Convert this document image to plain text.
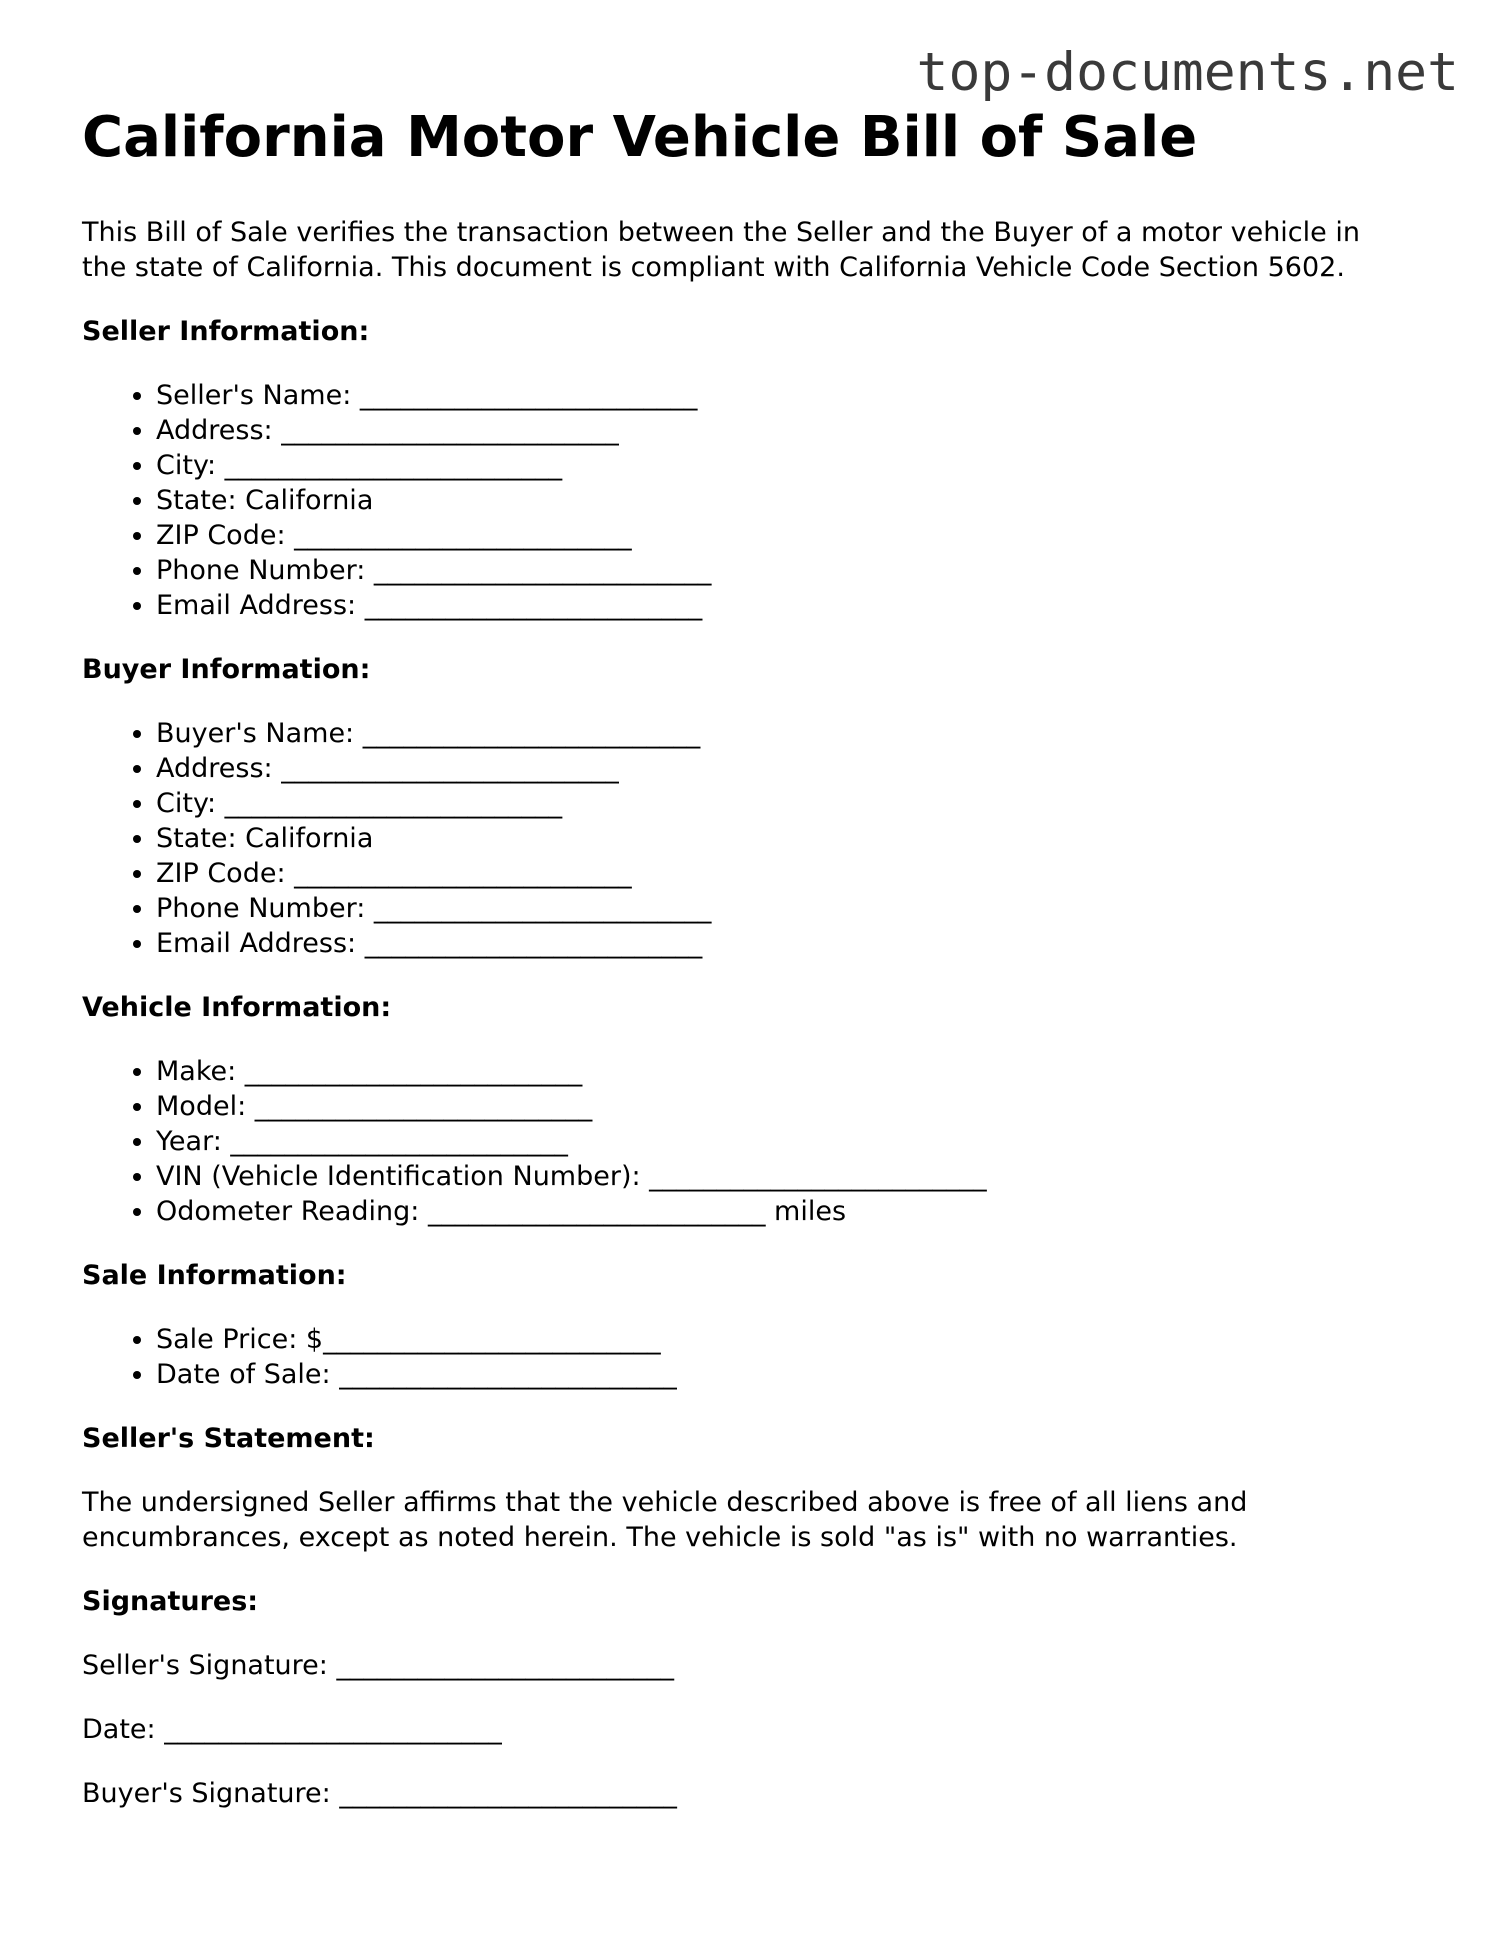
top-documents.net
California Motor Vehicle Bill of Sale

This Bill of Sale verifies the transaction between the Seller and the Buyer of a motor vehicle in the state of California. This document is compliant with California Vehicle Code Section 5602.

Seller Information:
• Seller's Name: _________________________
• Address: _________________________
• City: _________________________
• State: California
• ZIP Code: _________________________
• Phone Number: _________________________
• Email Address: _________________________
Buyer Information:
• Buyer's Name: _________________________
• Address: _________________________
• City: _________________________
• State: California
• ZIP Code: _________________________
• Phone Number: _________________________
• Email Address: _________________________
Vehicle Information:
• Make: _________________________
• Model: _________________________
• Year: _________________________
• VIN (Vehicle Identification Number): _________________________
• Odometer Reading: _________________________ miles
Sale Information:
• Sale Price: $_________________________
• Date of Sale: _________________________
Seller's Statement:

The undersigned Seller affirms that the vehicle described above is free of all liens and encumbrances, except as noted herein. The vehicle is sold "as is" with no warranties.

Signatures:

Seller's Signature: _________________________

Date: _________________________

Buyer's Signature: _________________________
